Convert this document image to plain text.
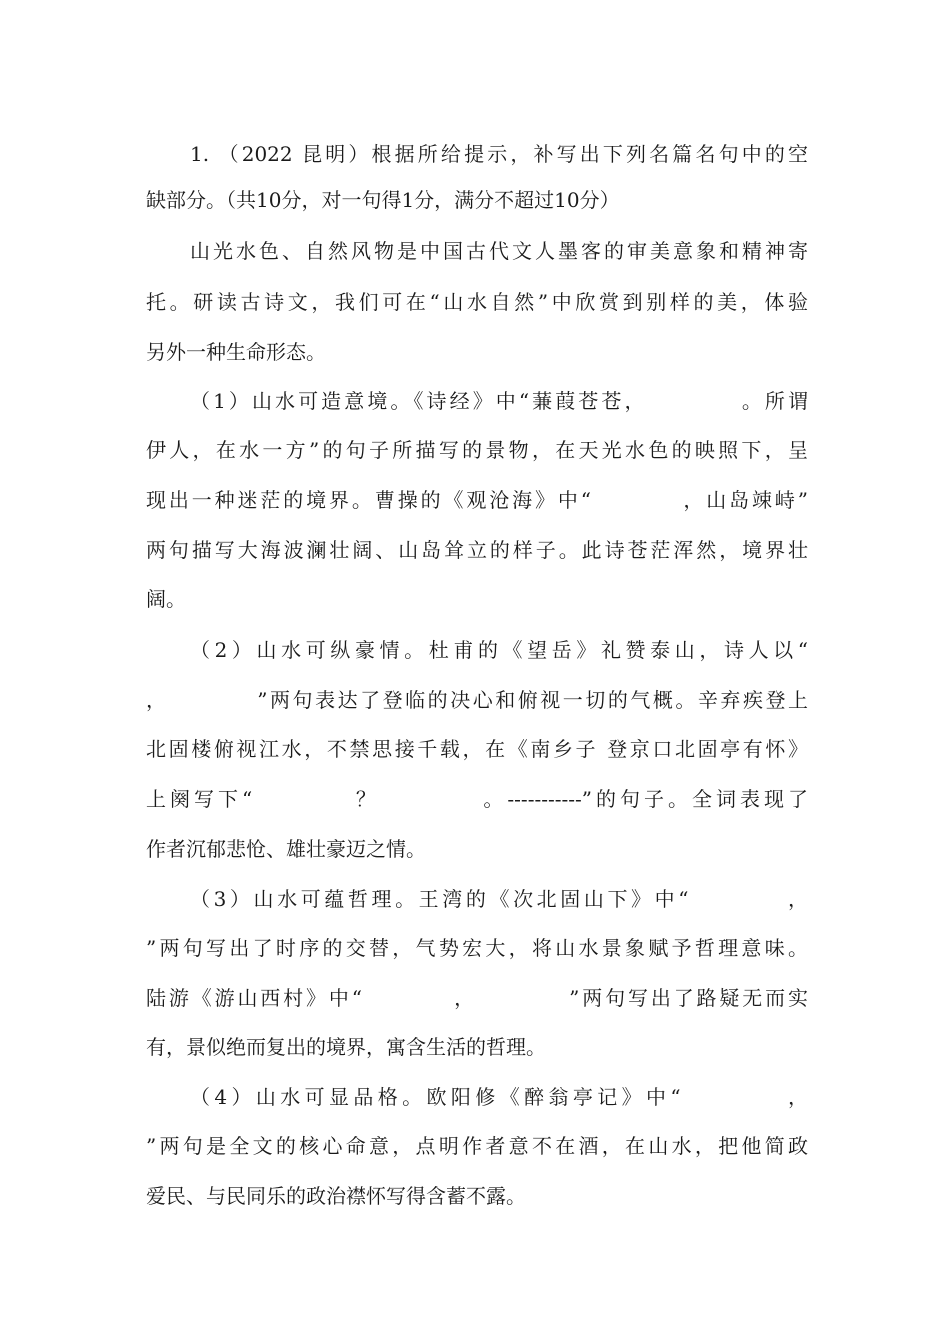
1. （2022 昆明）根据所给提示，补写出下列名篇名句中的空
缺部分。（共10分，对一句得1分，满分不超过10分）
山光水色、自然风物是中国古代文人墨客的审美意象和精神寄
托。研读古诗文，我们可在“山水自然”中欣赏到别样的美，体验
另外一种生命形态。
（1）山水可造意境。《诗经》中“蒹葭苍苍，          。所谓
伊人，在水一方”的句子所描写的景物，在天光水色的映照下，呈
现出一种迷茫的境界。曹操的《观沧海》中“          ，山岛竦峙”
两句描写大海波澜壮阔、山岛耸立的样子。此诗苍茫浑然，境界壮
阔。
（2）山水可纵豪情。杜甫的《望岳》礼赞泰山，诗人以“
，          ”两句表达了登临的决心和俯视一切的气概。辛弃疾登上
北固楼俯视江水，不禁思接千载，在《南乡子 登京口北固亭有怀》
上阕写下“          ？          。-----------”的句子。全词表现了
作者沉郁悲怆、雄壮豪迈之情。
（3）山水可蕴哲理。王湾的《次北固山下》中“          ，
”两句写出了时序的交替，气势宏大，将山水景象赋予哲理意味。
陆游《游山西村》中“          ，          ”两句写出了路疑无而实
有，景似绝而复出的境界，寓含生活的哲理。
（4）山水可显品格。欧阳修《醉翁亭记》中“          ，
”两句是全文的核心命意，点明作者意不在酒，在山水，把他简政
爱民、与民同乐的政治襟怀写得含蓄不露。
